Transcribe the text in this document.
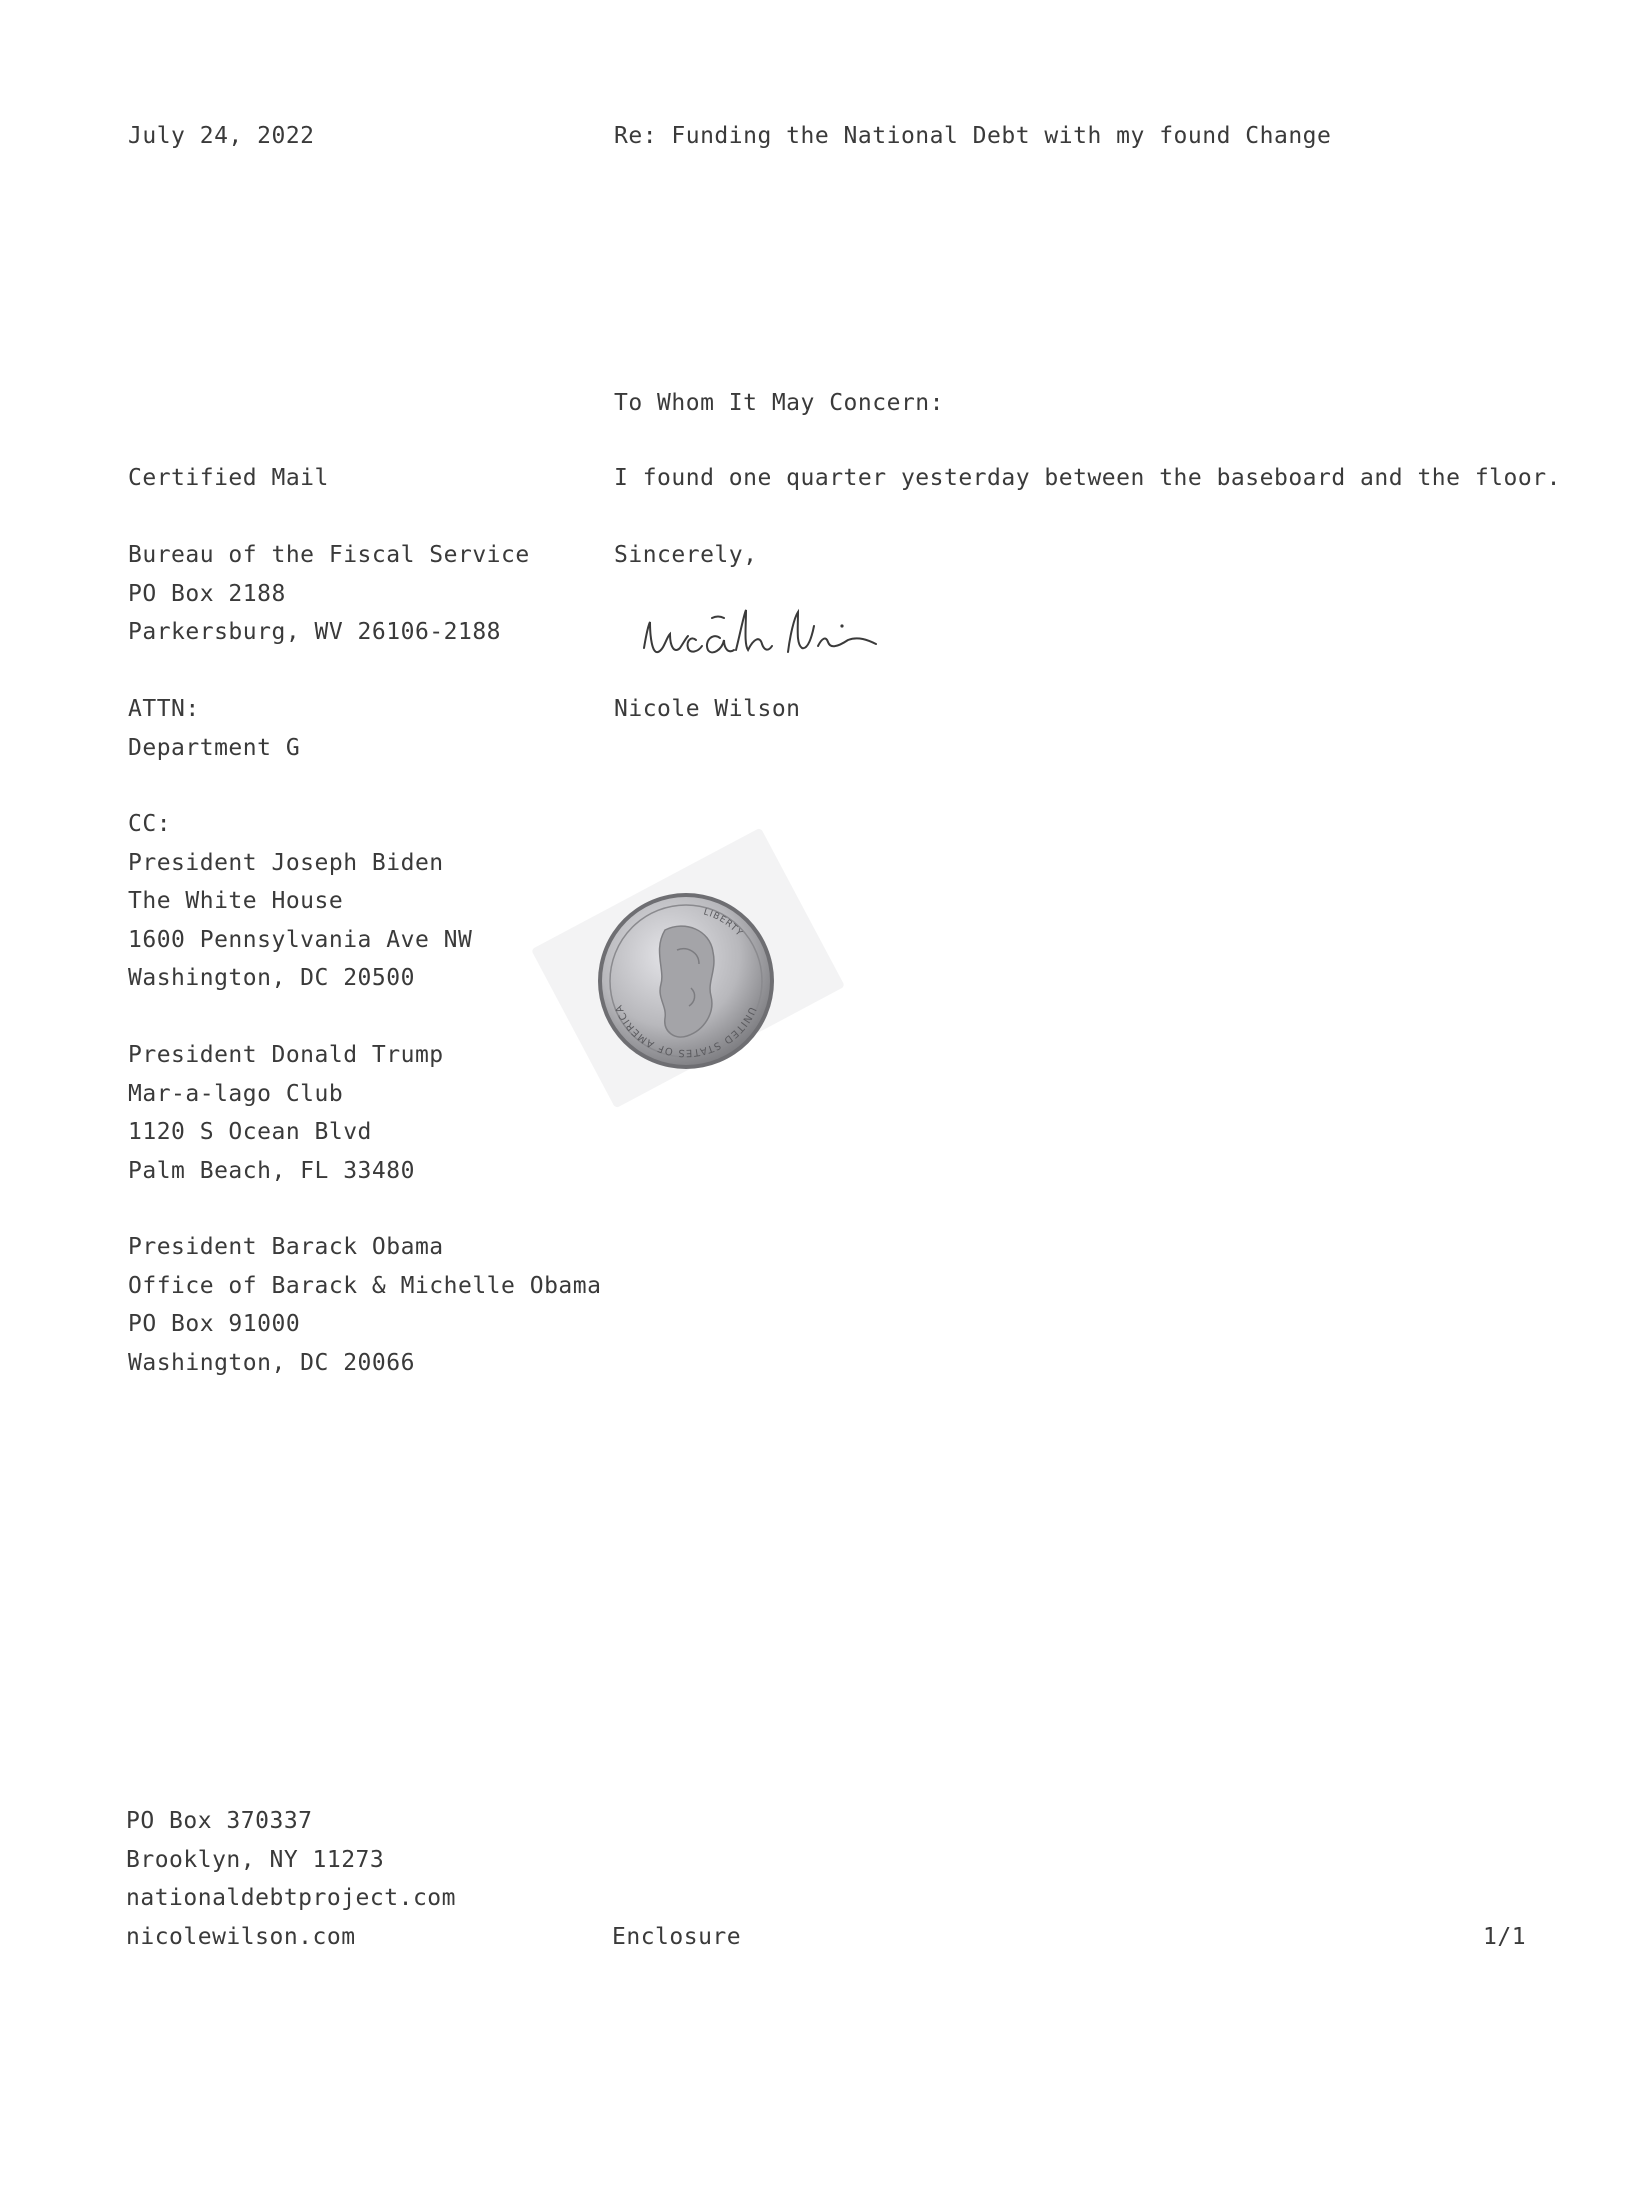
July 24, 2022	Re: Funding the National Debt with my found Change

To Whom It May Concern:

Certified Mail	I found one quarter yesterday between the baseboard and the floor.

Bureau of the Fiscal Service
PO Box 2188
Parkersburg, WV 26106-2188

Sincerely,

ATTN:
Department G

Nicole Wilson

CC:
President Joseph Biden
The White House
1600 Pennsylvania Ave NW
Washington, DC 20500
President Donald Trump
Mar-a-lago Club
1120 S Ocean Blvd
Palm Beach, FL 33480
President Barack Obama
Office of Barack & Michelle Obama
PO Box 91000
Washington, DC 20066
UNITED STATES OF AMERICA
LIBERTY
PO Box 370337
Brooklyn, NY 11273
nationaldebtproject.com
nicolewilson.com	Enclosure	1/1
